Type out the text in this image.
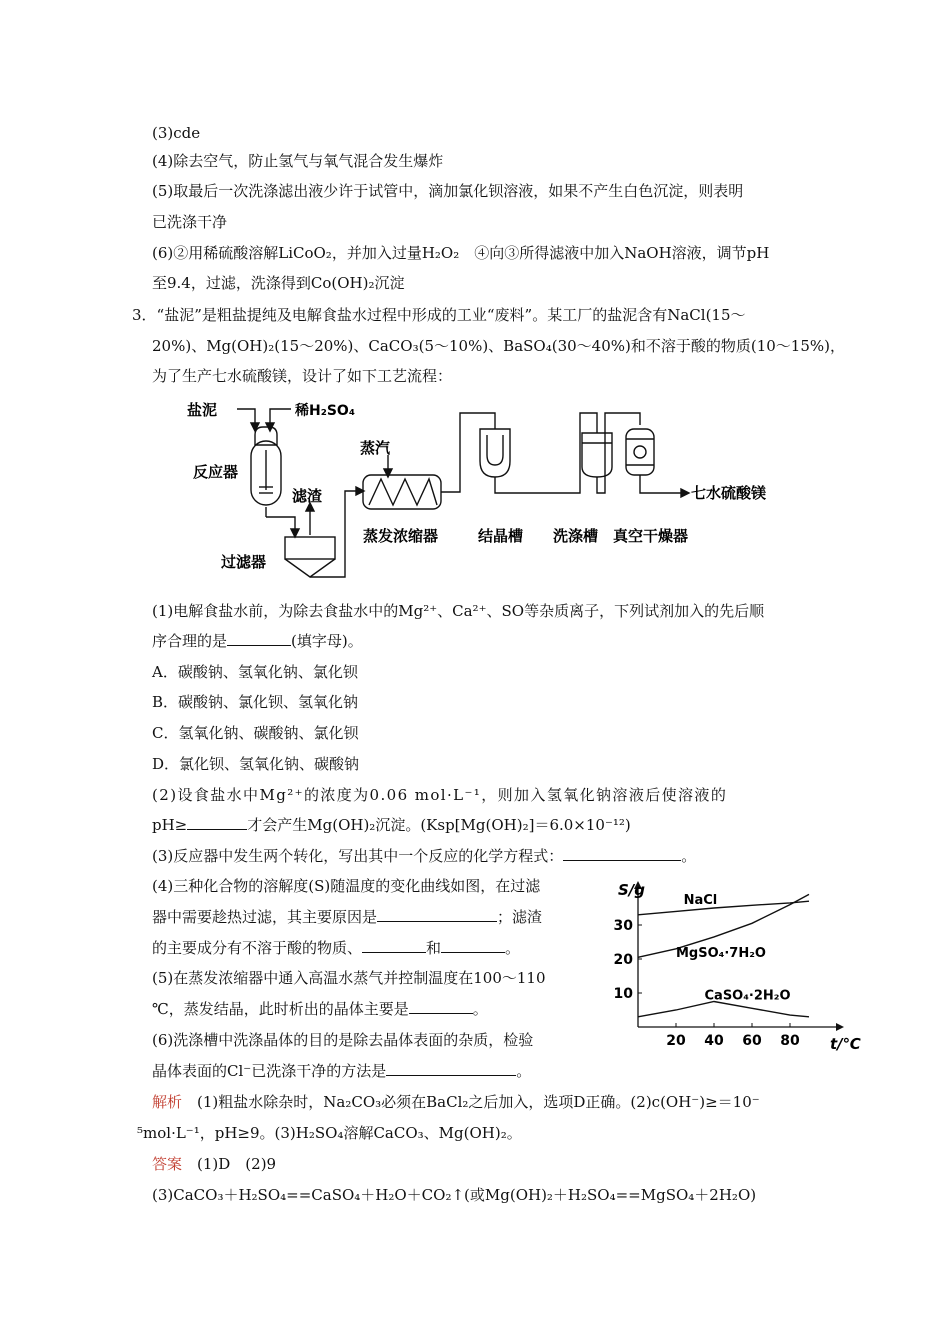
(3)cde
(4)除去空气，防止氢气与氧气混合发生爆炸
(5)取最后一次洗涤滤出液少许于试管中，滴加氯化钡溶液，如果不产生白色沉淀，则表明
已洗涤干净
(6)②用稀硫酸溶解LiCoO₂，并加入过量H₂O₂　④向③所得滤液中加入NaOH溶液，调节pH
至9.4，过滤，洗涤得到Co(OH)₂沉淀
3．“盐泥”是粗盐提纯及电解食盐水过程中形成的工业“废料”。某工厂的盐泥含有NaCl(15～
20%)、Mg(OH)₂(15～20%)、CaCO₃(5～10%)、BaSO₄(30～40%)和不溶于酸的物质(10～15%)，
为了生产七水硫酸镁，设计了如下工艺流程：
盐泥	稀H₂SO₄
反应器
滤渣
过滤器
蒸汽
蒸发浓缩器	结晶槽 洗涤槽 真空干燥器
七水硫酸镁
(1)电解食盐水前，为除去食盐水中的Mg²⁺、Ca²⁺、SO等杂质离子，下列试剂加入的先后顺
序合理的是	(填字母)。
A．碳酸钠、氢氧化钠、氯化钡
B．碳酸钠、氯化钡、氢氧化钠
C．氢氧化钠、碳酸钠、氯化钡
D．氯化钡、氢氧化钠、碳酸钠
(2)设食盐水中Mg²⁺的浓度为0.06 mol·L⁻¹，则加入氢氧化钠溶液后使溶液的
pH≥	才会产生Mg(OH)₂沉淀。(Ksp[Mg(OH)₂]＝6.0×10⁻¹²)
(3)反应器中发生两个转化，写出其中一个反应的化学方程式：	。
(4)三种化合物的溶解度(S)随温度的变化曲线如图，在过滤
器中需要趁热过滤，其主要原因是	；滤渣
的主要成分有不溶于酸的物质、	和	。
(5)在蒸发浓缩器中通入高温水蒸气并控制温度在100～110
℃，蒸发结晶，此时析出的晶体主要是	。
(6)洗涤槽中洗涤晶体的目的是除去晶体表面的杂质，检验
晶体表面的Cl⁻已洗涤干净的方法是	。
20 40 60 80
10
20
30
S/g
t/℃
NaCl
MgSO₄·7H₂O
CaSO₄·2H₂O
解析　 (1)粗盐水除杂时，Na₂CO₃必须在BaCl₂之后加入，选项D正确。(2)c(OH⁻)≥＝10⁻
⁵mol·L⁻¹，pH≥9。(3)H₂SO₄溶解CaCO₃、Mg(OH)₂。
答案　 (1)D　(2)9
(3)CaCO₃＋H₂SO₄==CaSO₄＋H₂O＋CO₂↑(或Mg(OH)₂＋H₂SO₄==MgSO₄＋2H₂O)
